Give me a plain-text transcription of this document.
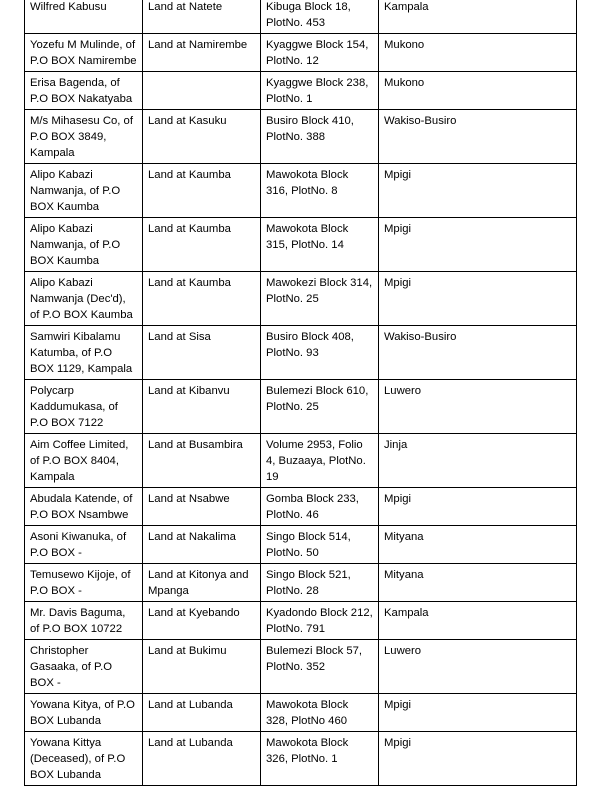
Wilfred Kabusu	Land at Natete	Kibuga Block 18, PlotNo. 453	Kampala
Yozefu M Mulinde, of P.O BOX Namirembe	Land at Namirembe	Kyaggwe Block 154, PlotNo. 12	Mukono
Erisa Bagenda, of P.O BOX Nakatyaba		Kyaggwe Block 238, PlotNo. 1	Mukono
M/s Mihasesu Co, of P.O BOX 3849, Kampala	Land at Kasuku	Busiro Block 410, PlotNo. 388	Wakiso-Busiro
Alipo Kabazi Namwanja, of P.O BOX Kaumba	Land at Kaumba	Mawokota Block 316, PlotNo. 8	Mpigi
Alipo Kabazi Namwanja, of P.O BOX Kaumba	Land at Kaumba	Mawokota Block 315, PlotNo. 14	Mpigi
Alipo Kabazi Namwanja (Dec'd), of P.O BOX Kaumba	Land at Kaumba	Mawokezi Block 314, PlotNo. 25	Mpigi
Samwiri Kibalamu Katumba, of P.O BOX 1129, Kampala	Land at Sisa	Busiro Block 408, PlotNo. 93	Wakiso-Busiro
Polycarp Kaddumukasa, of P.O BOX 7122	Land at Kibanvu	Bulemezi Block 610, PlotNo. 25	Luwero
Aim Coffee Limited, of P.O BOX 8404, Kampala	Land at Busambira	Volume 2953, Folio 4, Buzaaya, PlotNo. 19	Jinja
Abudala Katende, of P.O BOX Nsambwe	Land at Nsabwe	Gomba Block 233, PlotNo. 46	Mpigi
Asoni Kiwanuka, of P.O BOX -	Land at Nakalima	Singo Block 514, PlotNo. 50	Mityana
Temusewo Kijoje, of P.O BOX -	Land at Kitonya and Mpanga	Singo Block 521, PlotNo. 28	Mityana
Mr. Davis Baguma, of P.O BOX 10722	Land at Kyebando	Kyadondo Block 212, PlotNo. 791	Kampala
Christopher Gasaaka, of P.O BOX -	Land at Bukimu	Bulemezi Block 57, PlotNo. 352	Luwero
Yowana Kitya, of P.O BOX Lubanda	Land at Lubanda	Mawokota Block 328, PlotNo 460	Mpigi
Yowana Kittya (Deceased), of P.O BOX Lubanda	Land at Lubanda	Mawokota Block 326, PlotNo. 1	Mpigi
